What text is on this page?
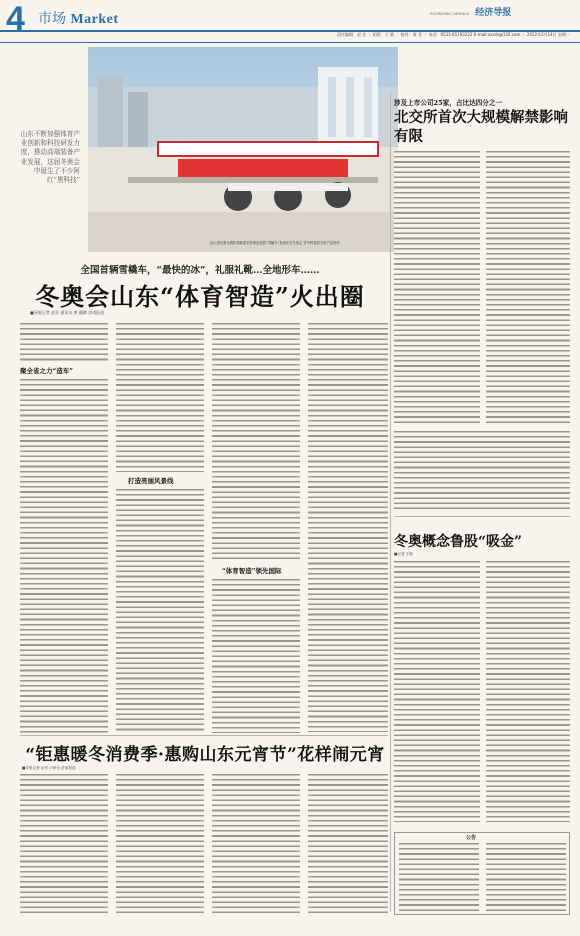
4 市场 Market	ECONOMIC HERALD 经济导报
责任编辑：赵 宏 ｜ 组版：王 敏 ｜ 校对：周 青 ｜ 电话：0531-85193222 E-mail:xxxrb@126.com ｜ 2022年2月14日 星期一
山东不断加强体育产业创新和科技研发力度，推动高端装备产业发展，这届冬奥会中诞生了不少阿红“黑科技”
由记者东鲁全网机构联系到首都创造的“雪橇车”是现任至冬奥会 雪中科技的当机产品资料
全国首辆雪橇车，“最快的冰”，礼服礼靴…全地形车……
冬奥会山东“体育智造”火出圈
■导报记者 赵军 通讯员 黄 翻腾 济南报道
聚全省之力“造车”
打造亮丽风景线
“体育智造”领先国际
涉及上市公司25家，占比达四分之一
北交所首次大规模解禁影响有限
冬奥概念鲁股“吸金”
■记者 王敏
公告
“钜惠暖冬消费季·惠购山东元宵节”花样闹元宵
■导报记者 赵军 卢家全 济南报道
